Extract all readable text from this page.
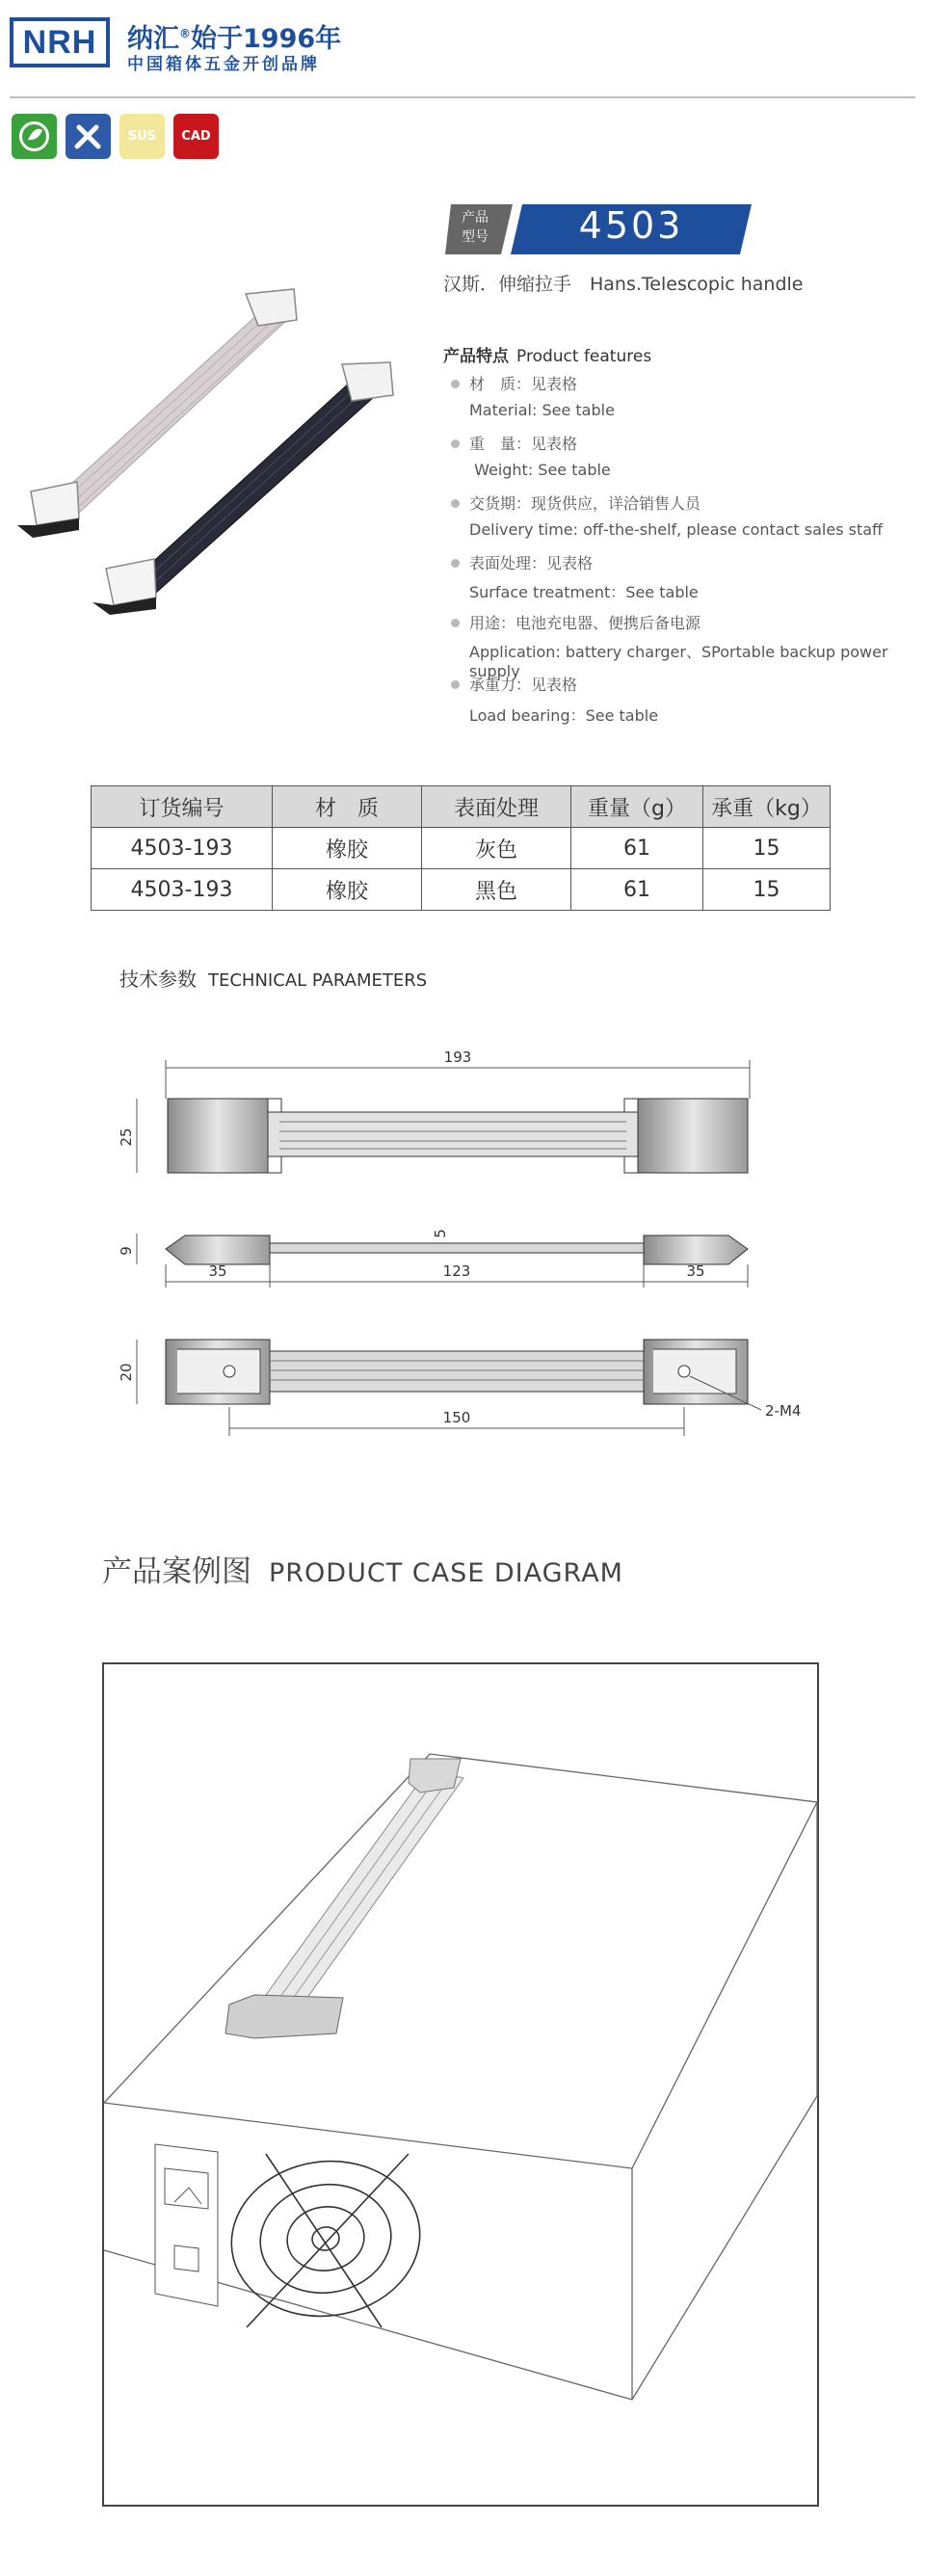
NRH	纳汇®始于1996年
中国箱体五金开创品牌
SUS	CAD
产品
型号	4503
汉斯．伸缩拉手　Hans.Telescopic handle
产品特点 Product features
材　质：见表格
Material: See table
重　量：见表格
Weight: See table
交货期：现货供应，详洽销售人员
Delivery time: off-the-shelf, please contact sales staff
表面处理：见表格
Surface treatment：See table
用途：电池充电器、便携后备电源
Application: battery charger、SPortable backup power supply
承重力：见表格
Load bearing：See table
订货编号	材　质	表面处理	重量（g）	承重（kg）
4503-193	橡胶	灰色	61	15
4503-193	橡胶	黑色	61	15
技术参数 TECHNICAL PARAMETERS
193
25
9
5
35	123	35
20
150	2-M4
产品案例图 PRODUCT CASE DIAGRAM
